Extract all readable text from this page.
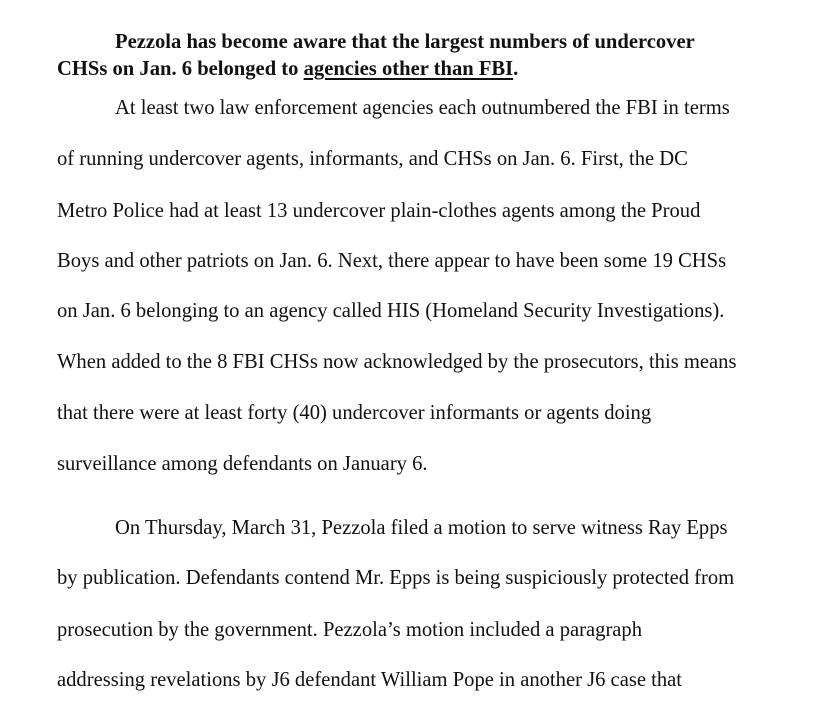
Pezzola has become aware that the largest numbers of undercover
CHSs on Jan. 6 belonged to agencies other than FBI.
At least two law enforcement agencies each outnumbered the FBI in terms
of running undercover agents, informants, and CHSs on Jan. 6. First, the DC
Metro Police had at least 13 undercover plain-clothes agents among the Proud
Boys and other patriots on Jan. 6. Next, there appear to have been some 19 CHSs
on Jan. 6 belonging to an agency called HIS (Homeland Security Investigations).
When added to the 8 FBI CHSs now acknowledged by the prosecutors, this means
that there were at least forty (40) undercover informants or agents doing
surveillance among defendants on January 6.
On Thursday, March 31, Pezzola filed a motion to serve witness Ray Epps
by publication. Defendants contend Mr. Epps is being suspiciously protected from
prosecution by the government. Pezzola’s motion included a paragraph
addressing revelations by J6 defendant William Pope in another J6 case that
